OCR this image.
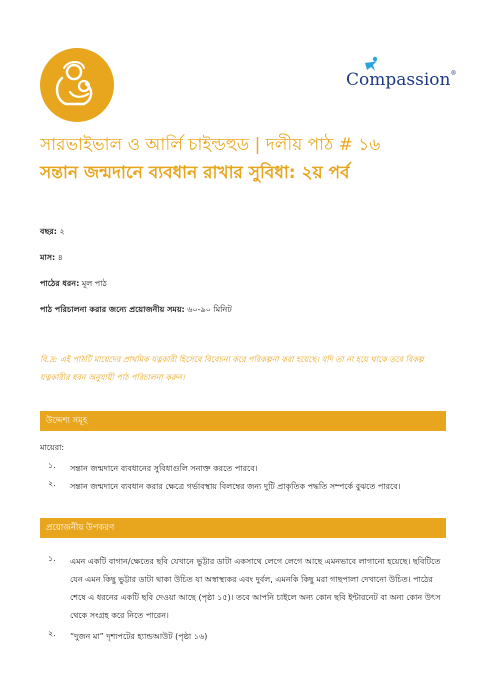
Compassion®
সারভাইভাল ও আর্লি চাইল্ডহুড | দলীয় পাঠ # ১৬
সন্তান জন্মদানে ব্যবধান রাখার সুবিধা: ২য় পর্ব
বছর: ২
মাস: ৪
পাঠের ধরন: মূল পাঠ
পাঠ পরিচালনা করার জন্যে প্রয়োজনীয় সময়: ৬০-৯০ মিনিট
বি.দ্র: এই পাঠটি মায়েদের প্রাথমিক যত্নকারী হিসেবে বিবেচনা করে পরিকল্পনা করা হয়েছে। যদি তা না হয়ে থাকে তবে বিকল্প যত্নকারীর ধরন অনুযায়ী পাঠ পরিচালনা করুন।
উদ্দেশ্য সমূহ
মায়েরা:
১. সন্তান জন্মদানে ব্যবধানের সুবিধাগুলি সনাক্ত করতে পারবে।
২. সন্তান জন্মদানে ব্যবধান করার ক্ষেত্রে গর্ভাবস্থায় বিলম্বের জন্য দুটি প্রাকৃতিক পদ্ধতি সম্পর্কে বুঝতে পারবে।
প্রয়োজনীয় উপকরণ
১. এমন একটি বাগান/ক্ষেতের ছবি যেখানে ভুট্টার ডাটা একসাথে লেগে লেগে আছে এমনভাবে লাগানো হয়েছে। ছবিটিতে যেন এমন কিছু ভুট্টার ডাটা থাকা উচিত যা অস্বাস্থ্যকর এবং দুর্বল, এমনকি কিছু মরা গাছপালা দেখানো উচিত। পাঠের শেষে এ ধরনের একটি ছবি দেওয়া আছে (পৃষ্ঠা ১৫)। তবে আপনি চাইলে অন্য কোন ছবি ইন্টারনেট বা অন্য কোন উৎস থেকে সংগ্রহ করে নিতে পারেন।
২. “দুজন মা” দৃশ্যপটের হ্যান্ডআউট (পৃষ্ঠা ১৬)
